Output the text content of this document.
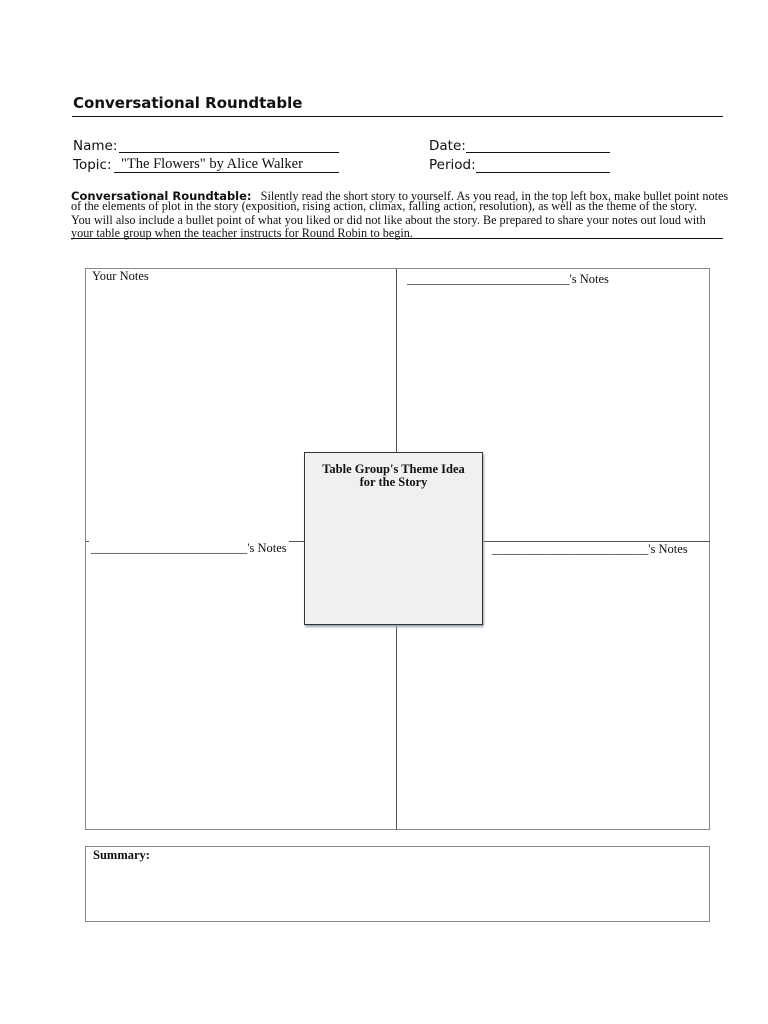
Conversational Roundtable
Name:	Date:
Topic: "The Flowers" by Alice Walker	Period:
Conversational Roundtable: Silently read the short story to yourself. As you read, in the top left box, make bullet point notes
of the elements of plot in the story (exposition, rising action, climax, falling action, resolution), as well as the theme of the story.
You will also include a bullet point of what you liked or did not like about the story. Be prepared to share your notes out loud with
your table group when the teacher instructs for Round Robin to begin.
Your Notes	__________________________'s Notes
_________________________'s Notes	_________________________'s Notes
Table Group's Theme Idea
for the Story
Summary:
